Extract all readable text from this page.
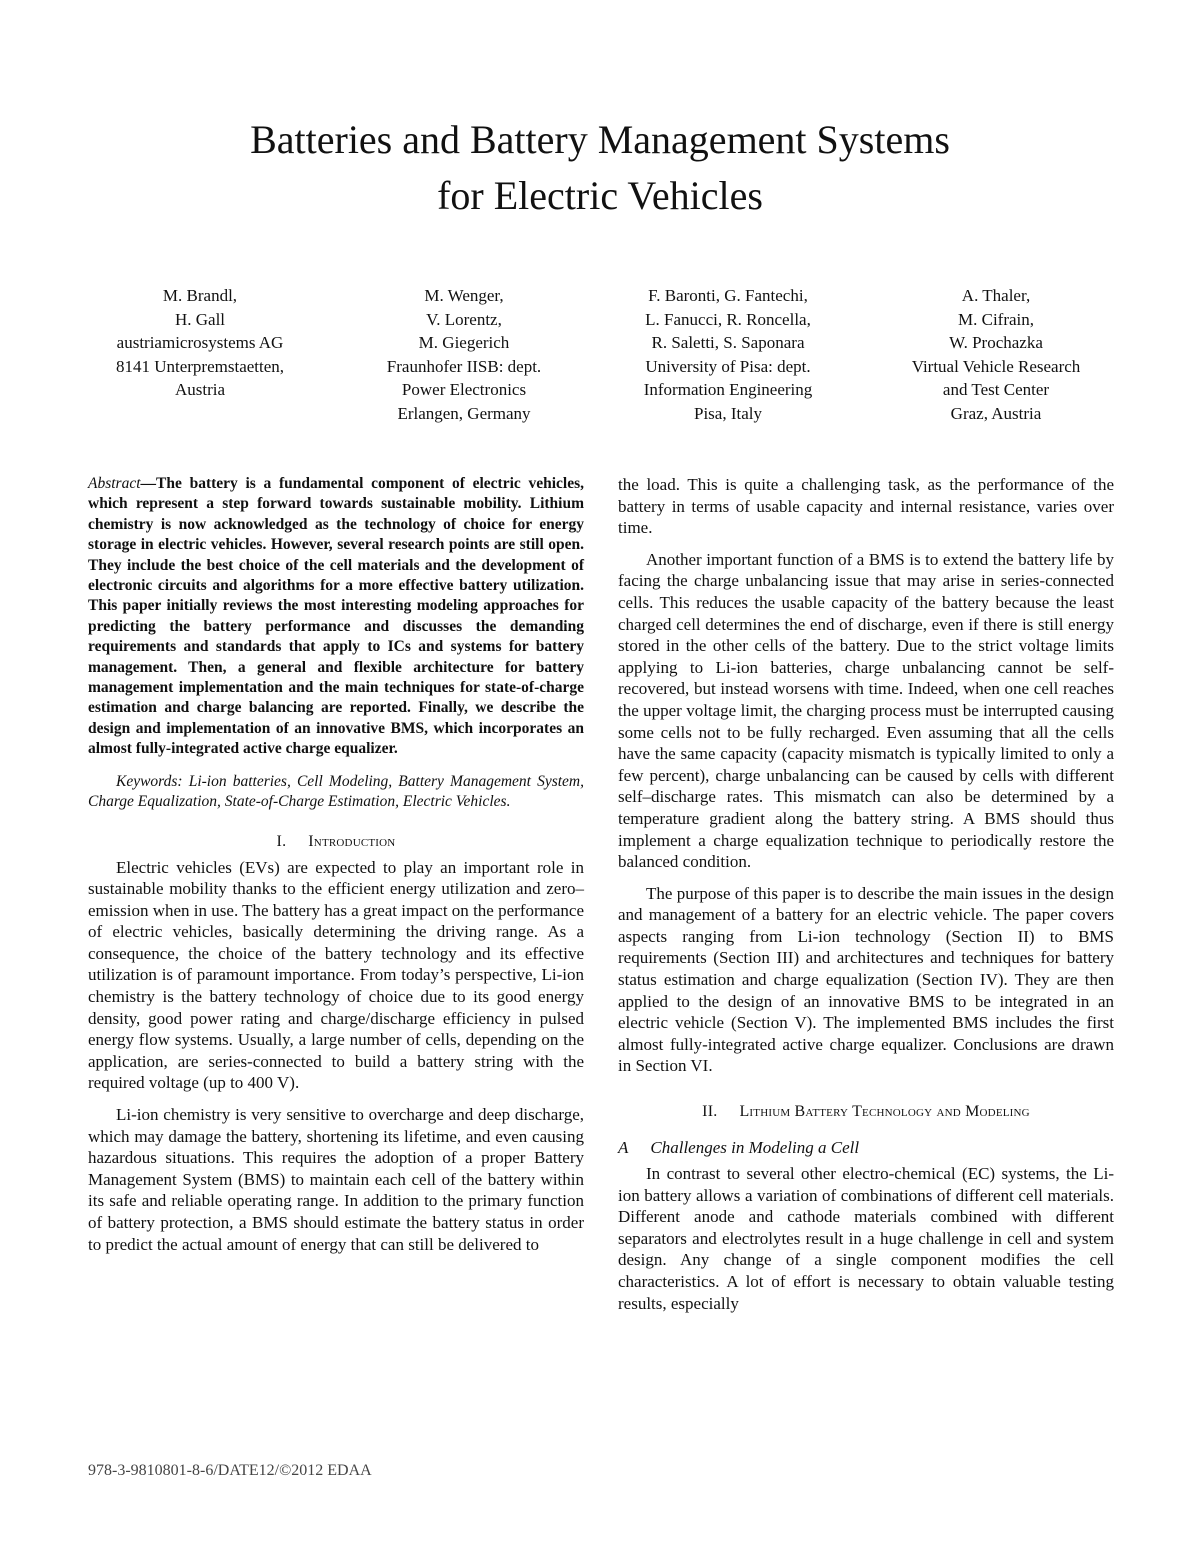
Batteries and Battery Management Systems
for Electric Vehicles
M. Brandl,
H. Gall
austriamicrosystems AG
8141 Unterpremstaetten,
Austria
M. Wenger,
V. Lorentz,
M. Giegerich
Fraunhofer IISB: dept.
Power Electronics
Erlangen, Germany
F. Baronti, G. Fantechi,
L. Fanucci, R. Roncella,
R. Saletti, S. Saponara
University of Pisa: dept.
Information Engineering
Pisa, Italy
A. Thaler,
M. Cifrain,
W. Prochazka
Virtual Vehicle Research
and Test Center
Graz, Austria

Abstract—The battery is a fundamental component of electric vehicles, which represent a step forward towards sustainable mobility. Lithium chemistry is now acknowledged as the technology of choice for energy storage in electric vehicles. However, several research points are still open. They include the best choice of the cell materials and the development of electronic circuits and algorithms for a more effective battery utilization. This paper initially reviews the most interesting modeling approaches for predicting the battery performance and discusses the demanding requirements and standards that apply to ICs and systems for battery management. Then, a general and flexible architecture for battery management implementation and the main techniques for state-of-charge estimation and charge balancing are reported. Finally, we describe the design and implementation of an innovative BMS, which incorporates an almost fully-integrated active charge equalizer.

Keywords: Li-ion batteries, Cell Modeling, Battery Management System, Charge Equalization, State-of-Charge Estimation, Electric Vehicles.

I. Introduction

Electric vehicles (EVs) are expected to play an important role in sustainable mobility thanks to the efficient energy utilization and zero–emission when in use. The battery has a great impact on the performance of electric vehicles, basically determining the driving range. As a consequence, the choice of the battery technology and its effective utilization is of paramount importance. From today’s perspective, Li-ion chemistry is the battery technology of choice due to its good energy density, good power rating and charge/discharge efficiency in pulsed energy flow systems. Usually, a large number of cells, depending on the application, are series-connected to build a battery string with the required voltage (up to 400 V).

Li-ion chemistry is very sensitive to overcharge and deep discharge, which may damage the battery, shortening its lifetime, and even causing hazardous situations. This requires the adoption of a proper Battery Management System (BMS) to maintain each cell of the battery within its safe and reliable operating range. In addition to the primary function of battery protection, a BMS should estimate the battery status in order to predict the actual amount of energy that can still be delivered to

the load. This is quite a challenging task, as the performance of the battery in terms of usable capacity and internal resistance, varies over time.

Another important function of a BMS is to extend the battery life by facing the charge unbalancing issue that may arise in series-connected cells. This reduces the usable capacity of the battery because the least charged cell determines the end of discharge, even if there is still energy stored in the other cells of the battery. Due to the strict voltage limits applying to Li-ion batteries, charge unbalancing cannot be self-recovered, but instead worsens with time. Indeed, when one cell reaches the upper voltage limit, the charging process must be interrupted causing some cells not to be fully recharged. Even assuming that all the cells have the same capacity (capacity mismatch is typically limited to only a few percent), charge unbalancing can be caused by cells with different self–discharge rates. This mismatch can also be determined by a temperature gradient along the battery string. A BMS should thus implement a charge equalization technique to periodically restore the balanced condition.

The purpose of this paper is to describe the main issues in the design and management of a battery for an electric vehicle. The paper covers aspects ranging from Li-ion technology (Section II) to BMS requirements (Section III) and architectures and techniques for battery status estimation and charge equalization (Section IV). They are then applied to the design of an innovative BMS to be integrated in an electric vehicle (Section V). The implemented BMS includes the first almost fully-integrated active charge equalizer. Conclusions are drawn in Section VI.

II. Lithium Battery Technology and Modeling
A Challenges in Modeling a Cell

In contrast to several other electro-chemical (EC) systems, the Li-ion battery allows a variation of combinations of different cell materials. Different anode and cathode materials combined with different separators and electrolytes result in a huge challenge in cell and system design. Any change of a single component modifies the cell characteristics. A lot of effort is necessary to obtain valuable testing results, especially

978-3-9810801-8-6/DATE12/©2012 EDAA
